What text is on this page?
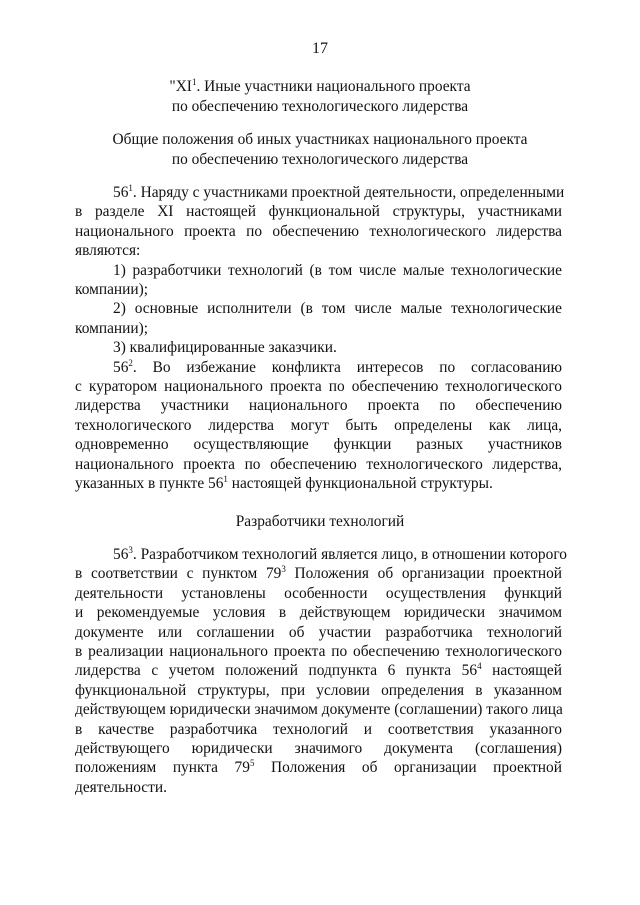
17
"$XI^1$. Иные участники национального проекта
по обеспечению технологического лидерства
Общие положения об иных участниках национального проекта
по обеспечению технологического лидерства
$56^1$. Наряду с участниками проектной деятельности, определенными
в разделе XI настоящей функциональной структуры, участниками
национального проекта по обеспечению технологического лидерства
являются:
1) разработчики технологий (в том числе малые технологические
компании);
2) основные исполнители (в том числе малые технологические
компании);
3) квалифицированные заказчики.
$56^2$. Во избежание конфликта интересов по согласованию
с куратором национального проекта по обеспечению технологического
лидерства участники национального проекта по обеспечению
технологического лидерства могут быть определены как лица,
одновременно осуществляющие функции разных участников
национального проекта по обеспечению технологического лидерства,
указанных в пункте $56^1$ настоящей функциональной структуры.
Разработчики технологий
$56^3$. Разработчиком технологий является лицо, в отношении которого
в соответствии с пунктом $79^3$ Положения об организации проектной
деятельности установлены особенности осуществления функций
и рекомендуемые условия в действующем юридически значимом
документе или соглашении об участии разработчика технологий
в реализации национального проекта по обеспечению технологического
лидерства с учетом положений подпункта 6 пункта $56^4$ настоящей
функциональной структуры, при условии определения в указанном
действующем юридически значимом документе (соглашении) такого лица
в качестве разработчика технологий и соответствия указанного
действующего юридически значимого документа (соглашения)
положениям пункта $79^5$ Положения об организации проектной
деятельности.
